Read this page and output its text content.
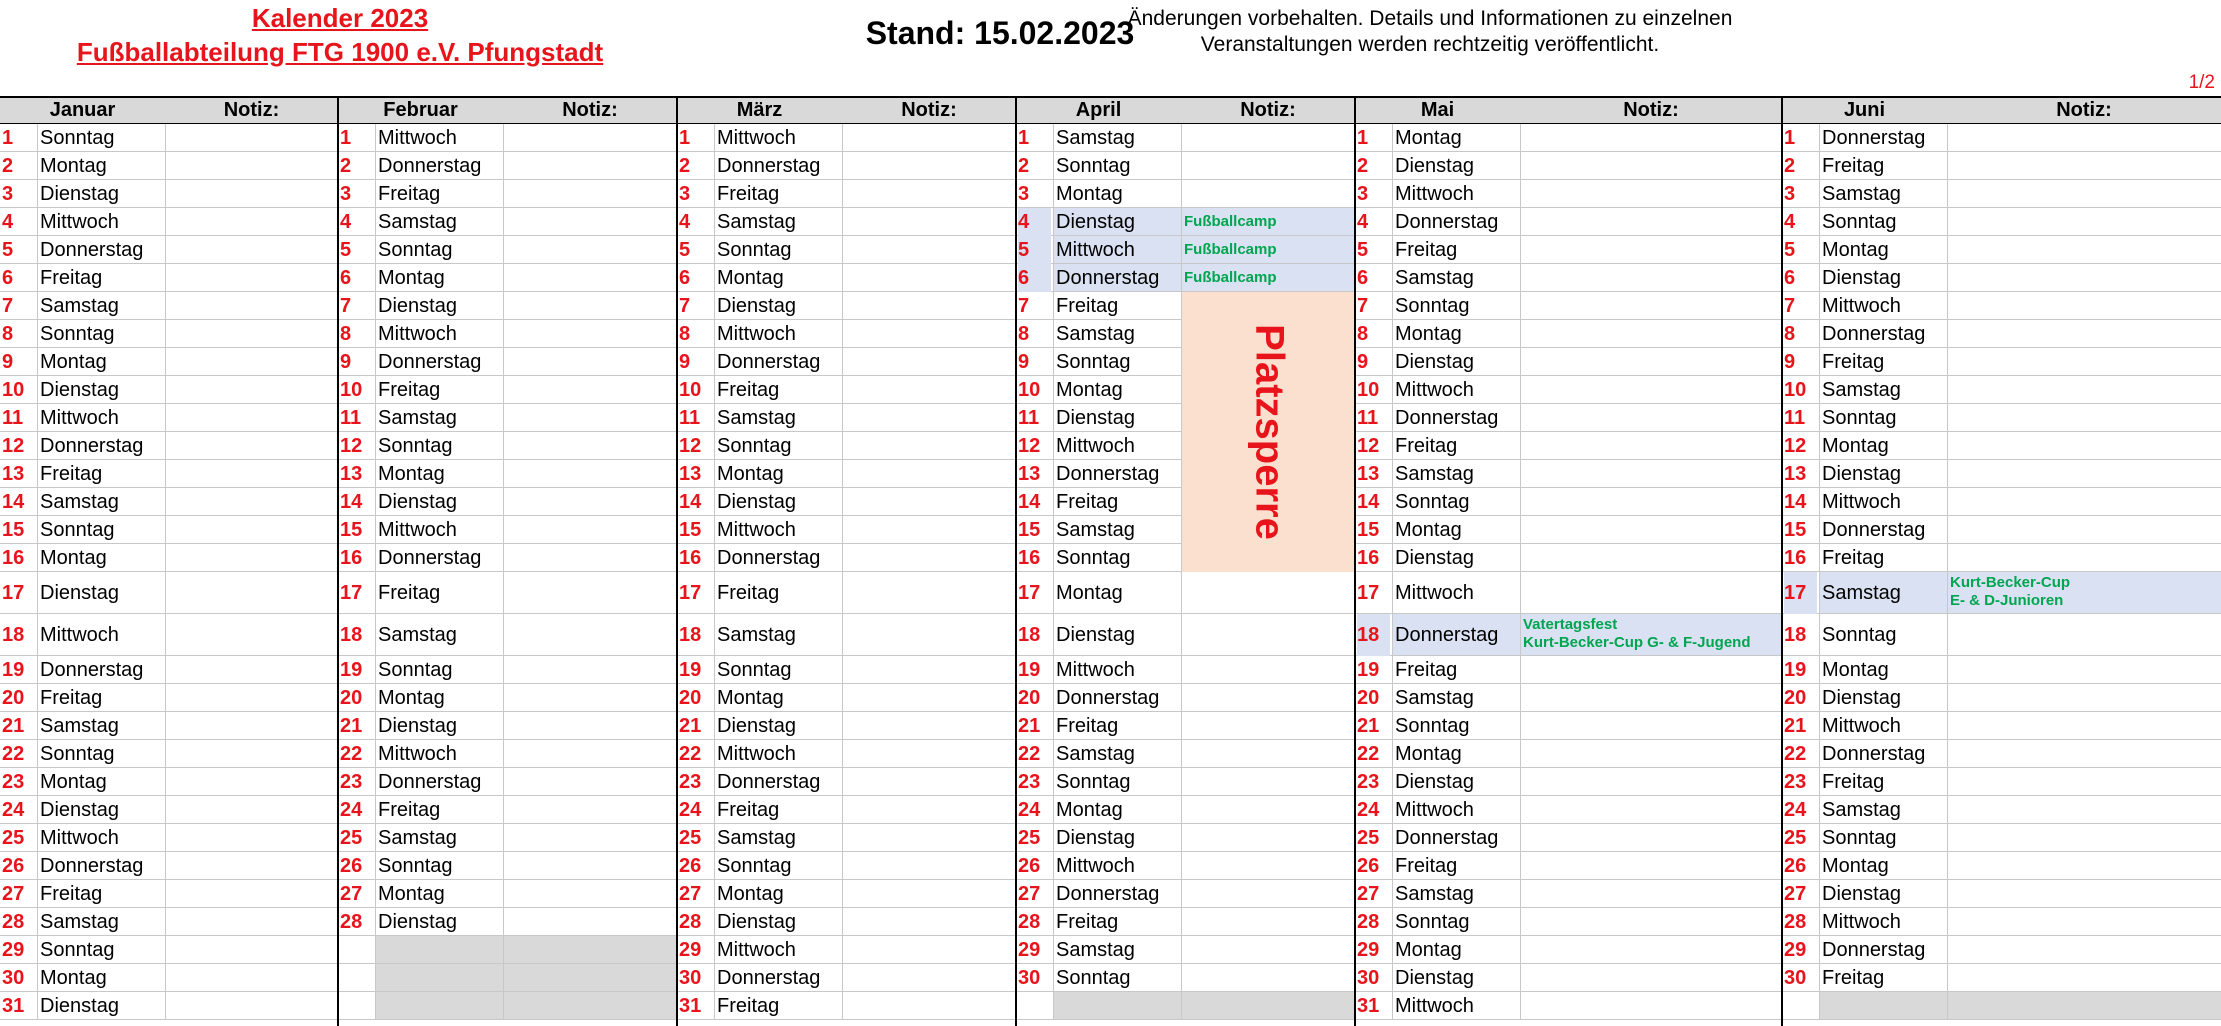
Kalender 2023
Fußballabteilung FTG 1900 e.V. Pfungstadt
Stand: 15.02.2023
Änderungen vorbehalten. Details und Informationen zu einzelnen
Veranstaltungen werden rechtzeitig veröffentlicht.
1/2
Januar	Notiz:
1	Sonntag
2	Montag
3	Dienstag
4	Mittwoch
5	Donnerstag
6	Freitag
7	Samstag
8	Sonntag
9	Montag
10 Dienstag
11 Mittwoch
12 Donnerstag
13 Freitag
14 Samstag
15 Sonntag
16 Montag
17 Dienstag
18 Mittwoch
19 Donnerstag
20 Freitag
21 Samstag
22 Sonntag
23 Montag
24 Dienstag
25 Mittwoch
26 Donnerstag
27 Freitag
28 Samstag
29 Sonntag
30 Montag
31 Dienstag
Februar	Notiz:
1	Mittwoch
2	Donnerstag
3	Freitag
4	Samstag
5	Sonntag
6	Montag
7	Dienstag
8	Mittwoch
9	Donnerstag
10 Freitag
11 Samstag
12 Sonntag
13 Montag
14 Dienstag
15 Mittwoch
16 Donnerstag
17 Freitag
18 Samstag
19 Sonntag
20 Montag
21 Dienstag
22 Mittwoch
23 Donnerstag
24 Freitag
25 Samstag
26 Sonntag
27 Montag
28 Dienstag
März	Notiz:
1	Mittwoch
2	Donnerstag
3	Freitag
4	Samstag
5	Sonntag
6	Montag
7	Dienstag
8	Mittwoch
9	Donnerstag
10 Freitag
11 Samstag
12 Sonntag
13 Montag
14 Dienstag
15 Mittwoch
16 Donnerstag
17 Freitag
18 Samstag
19 Sonntag
20 Montag
21 Dienstag
22 Mittwoch
23 Donnerstag
24 Freitag
25 Samstag
26 Sonntag
27 Montag
28 Dienstag
29 Mittwoch
30 Donnerstag
31 Freitag
April	Notiz:
1	Samstag
2	Sonntag
3	Montag
4	Dienstag	Fußballcamp
5	Mittwoch	Fußballcamp
6	Donnerstag	Fußballcamp
7	Freitag
8	Samstag
9	Sonntag
10 Montag
11 Dienstag
12 Mittwoch
13 Donnerstag
14 Freitag
15 Samstag
16 Sonntag
17 Montag
18 Dienstag
19 Mittwoch
20 Donnerstag
21 Freitag
22 Samstag
23 Sonntag
24 Montag
25 Dienstag
26 Mittwoch
27 Donnerstag
28 Freitag
29 Samstag
30 Sonntag
Platzsperre
Mai	Notiz:
1	Montag
2	Dienstag
3	Mittwoch
4	Donnerstag
5	Freitag
6	Samstag
7	Sonntag
8	Montag
9	Dienstag
10 Mittwoch
11 Donnerstag
12 Freitag
13 Samstag
14 Sonntag
15 Montag
16 Dienstag
17 Mittwoch
18 Donnerstag	Vatertagsfest
Kurt-Becker-Cup G- & F-Jugend
19 Freitag
20 Samstag
21 Sonntag
22 Montag
23 Dienstag
24 Mittwoch
25 Donnerstag
26 Freitag
27 Samstag
28 Sonntag
29 Montag
30 Dienstag
31 Mittwoch
Juni	Notiz:
1	Donnerstag
2	Freitag
3	Samstag
4	Sonntag
5	Montag
6	Dienstag
7	Mittwoch
8	Donnerstag
9	Freitag
10 Samstag
11 Sonntag
12 Montag
13 Dienstag
14 Mittwoch
15 Donnerstag
16 Freitag
17 Samstag	Kurt-Becker-Cup
E- & D-Junioren
18 Sonntag
19 Montag
20 Dienstag
21 Mittwoch
22 Donnerstag
23 Freitag
24 Samstag
25 Sonntag
26 Montag
27 Dienstag
28 Mittwoch
29 Donnerstag
30 Freitag
